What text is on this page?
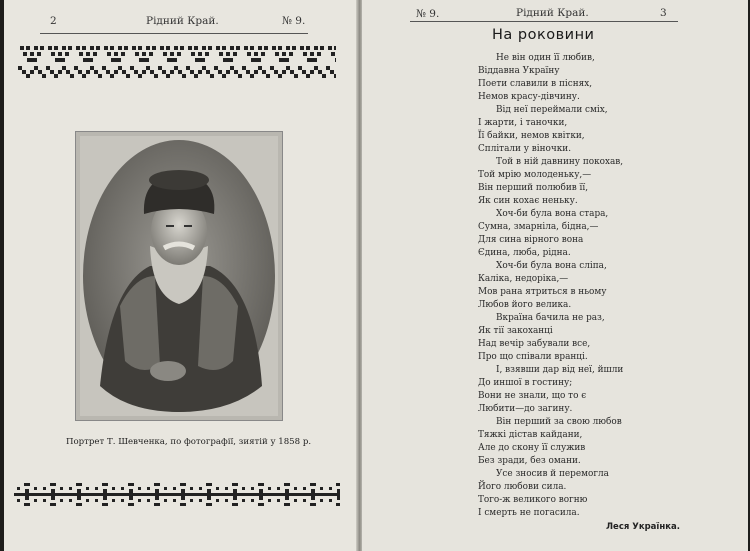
2	Рідний Край.	№ 9.
Портрет Т. Шевченка, по фотографії, зиятій у 1858 р.
№ 9.	Рідний Край.	3
На роковини
Не він один її любив,
Віддавна Україну
Поети славили в піснях,
Немов красу-дівчину.
Від неї переймали сміх,
І жарти, і таночки,
Її байки, немов квітки,
Сплітали у віночки.
Той в ній давнину покохав,
Той мрію молоденьку,—
Він перший полюбив її,
Як син кохає неньку.
Хоч-би була вона стара,
Сумна, змарніла, бідна,—
Для сина вірного вона
Єдина, люба, рідна.
Хоч-би була вона сліпа,
Каліка, недоріка,—
Мов рана ятриться в ньому
Любов його велика.
Вкраїна бачила не раз,
Як тії закоханці
Над вечір забували все,
Про що співали вранці.
І, взявши дар від неї, йшли
До иншої в гостину;
Вони не знали, що то є
Любити—до загину.
Він перший за свою любов
Тяжкі дістав кайдани,
Але до скону її служив
Без зради, без омани.
Усе зносив й перемогла
Його любови сила.
Того-ж великого вогню
І смерть не погасила.
Леся Українка.
